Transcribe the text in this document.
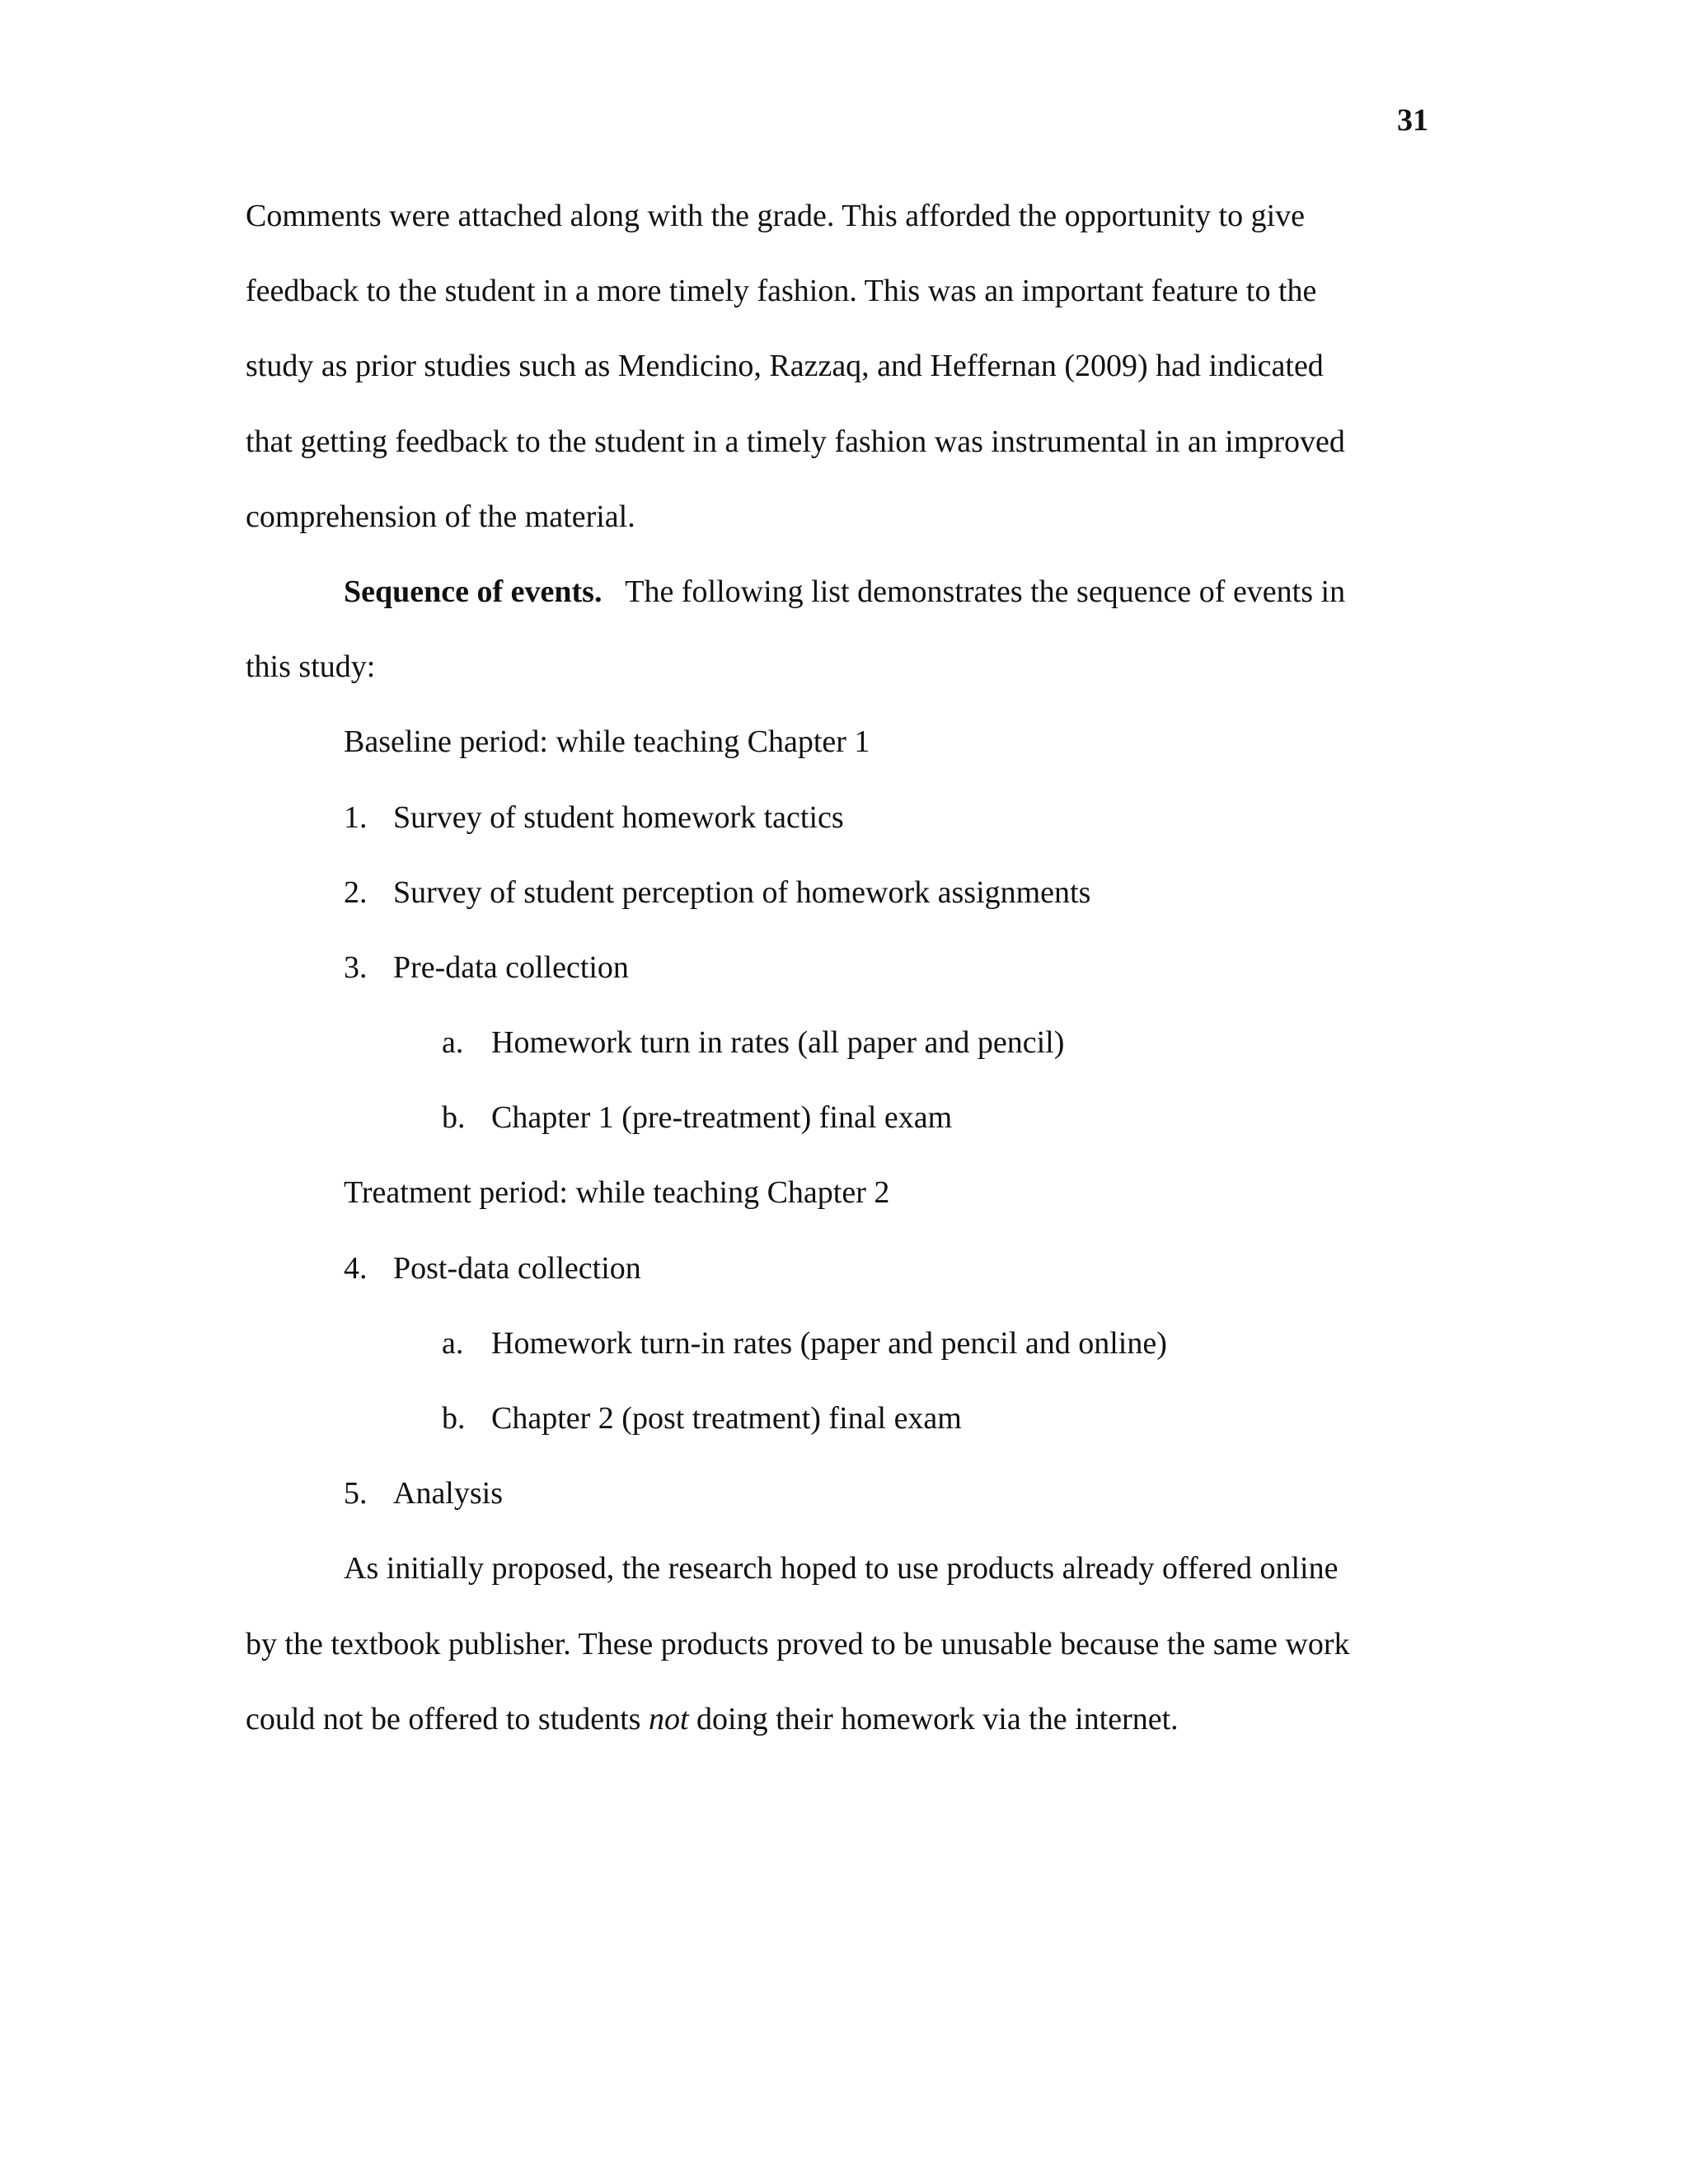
31
Comments were attached along with the grade. This afforded the opportunity to give
feedback to the student in a more timely fashion. This was an important feature to the
study as prior studies such as Mendicino, Razzaq, and Heffernan (2009) had indicated
that getting feedback to the student in a timely fashion was instrumental in an improved
comprehension of the material.
Sequence of events. The following list demonstrates the sequence of events in
this study:
Baseline period: while teaching Chapter 1
1. Survey of student homework tactics
2. Survey of student perception of homework assignments
3. Pre-data collection
a. Homework turn in rates (all paper and pencil)
b. Chapter 1 (pre-treatment) final exam
Treatment period: while teaching Chapter 2
4. Post-data collection
a. Homework turn-in rates (paper and pencil and online)
b. Chapter 2 (post treatment) final exam
5. Analysis
As initially proposed, the research hoped to use products already offered online
by the textbook publisher. These products proved to be unusable because the same work
could not be offered to students not doing their homework via the internet.
